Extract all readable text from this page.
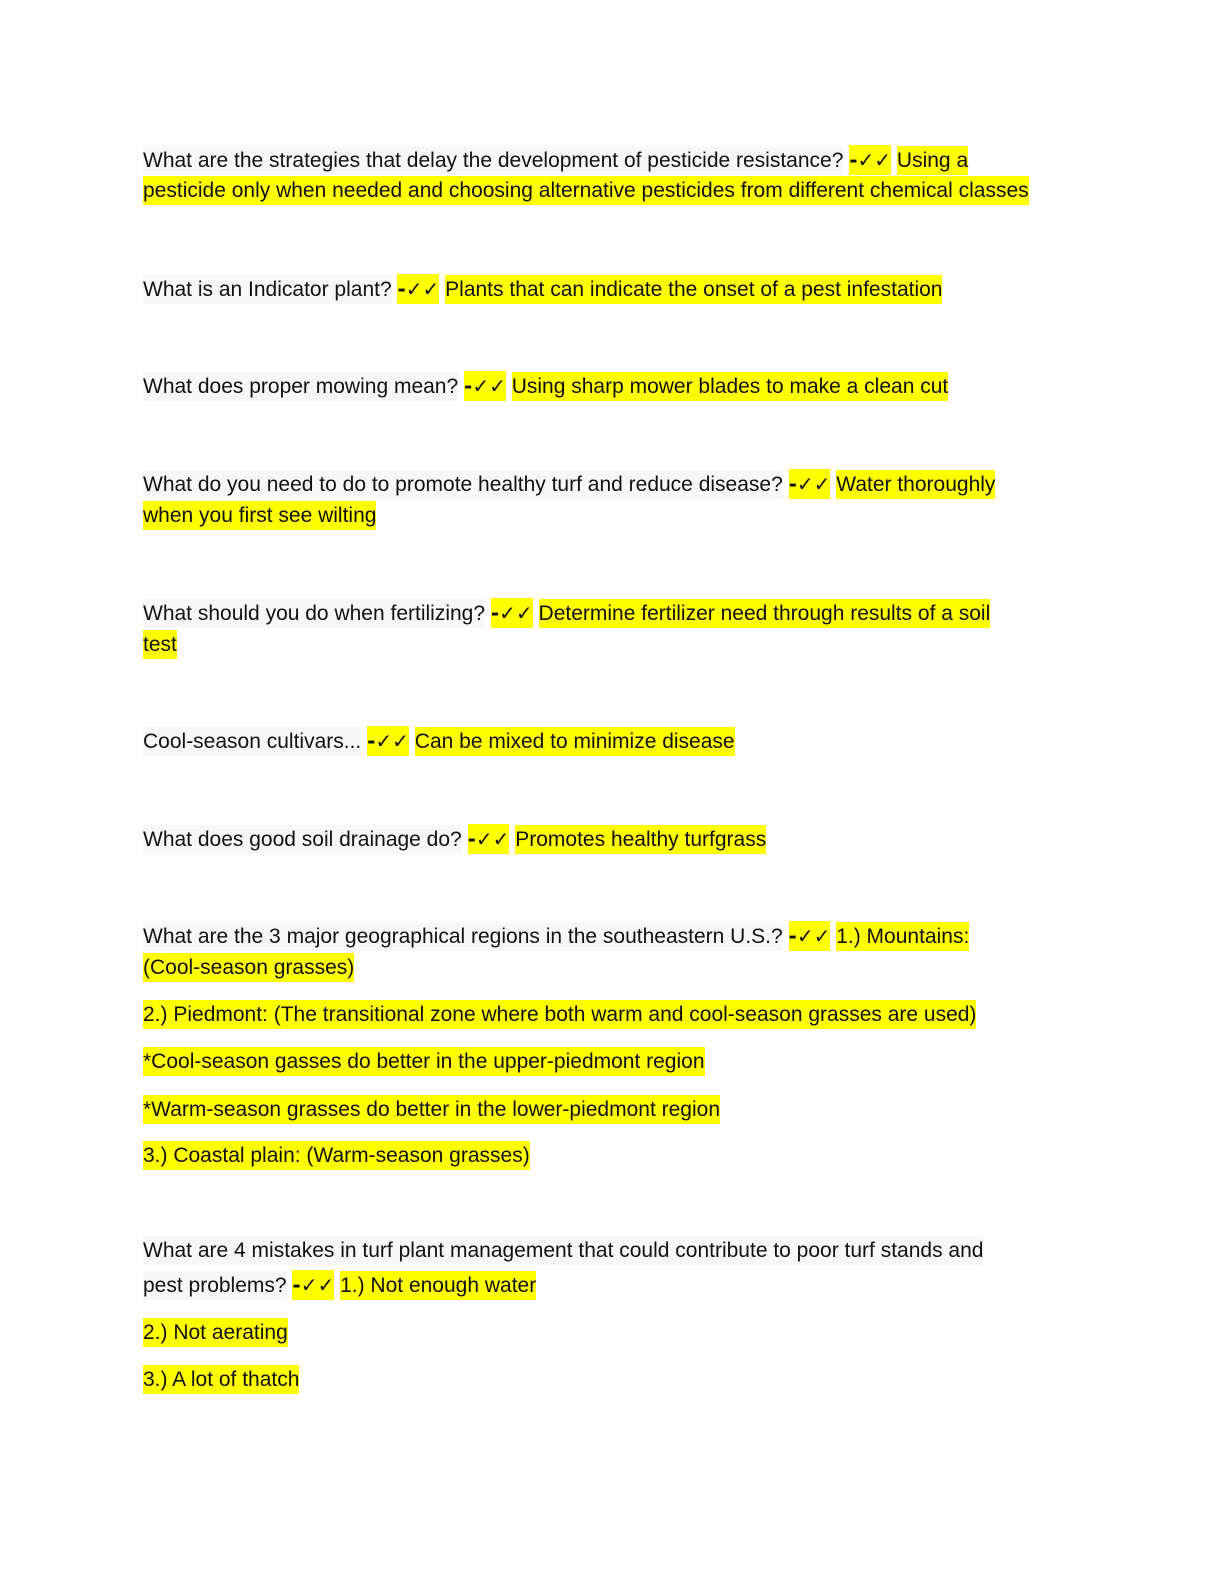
What are the strategies that delay the development of pesticide resistance? -✓✓ Using a
pesticide only when needed and choosing alternative pesticides from different chemical classes
What is an Indicator plant? -✓✓ Plants that can indicate the onset of a pest infestation
What does proper mowing mean? -✓✓ Using sharp mower blades to make a clean cut
What do you need to do to promote healthy turf and reduce disease? -✓✓ Water thoroughly
when you first see wilting
What should you do when fertilizing? -✓✓ Determine fertilizer need through results of a soil
test
Cool-season cultivars... -✓✓ Can be mixed to minimize disease
What does good soil drainage do? -✓✓ Promotes healthy turfgrass
What are the 3 major geographical regions in the southeastern U.S.? -✓✓ 1.) Mountains:
(Cool-season grasses)
2.) Piedmont: (The transitional zone where both warm and cool-season grasses are used)
*Cool-season gasses do better in the upper-piedmont region
*Warm-season grasses do better in the lower-piedmont region
3.) Coastal plain: (Warm-season grasses)
What are 4 mistakes in turf plant management that could contribute to poor turf stands and
pest problems? -✓✓ 1.) Not enough water
2.) Not aerating
3.) A lot of thatch
